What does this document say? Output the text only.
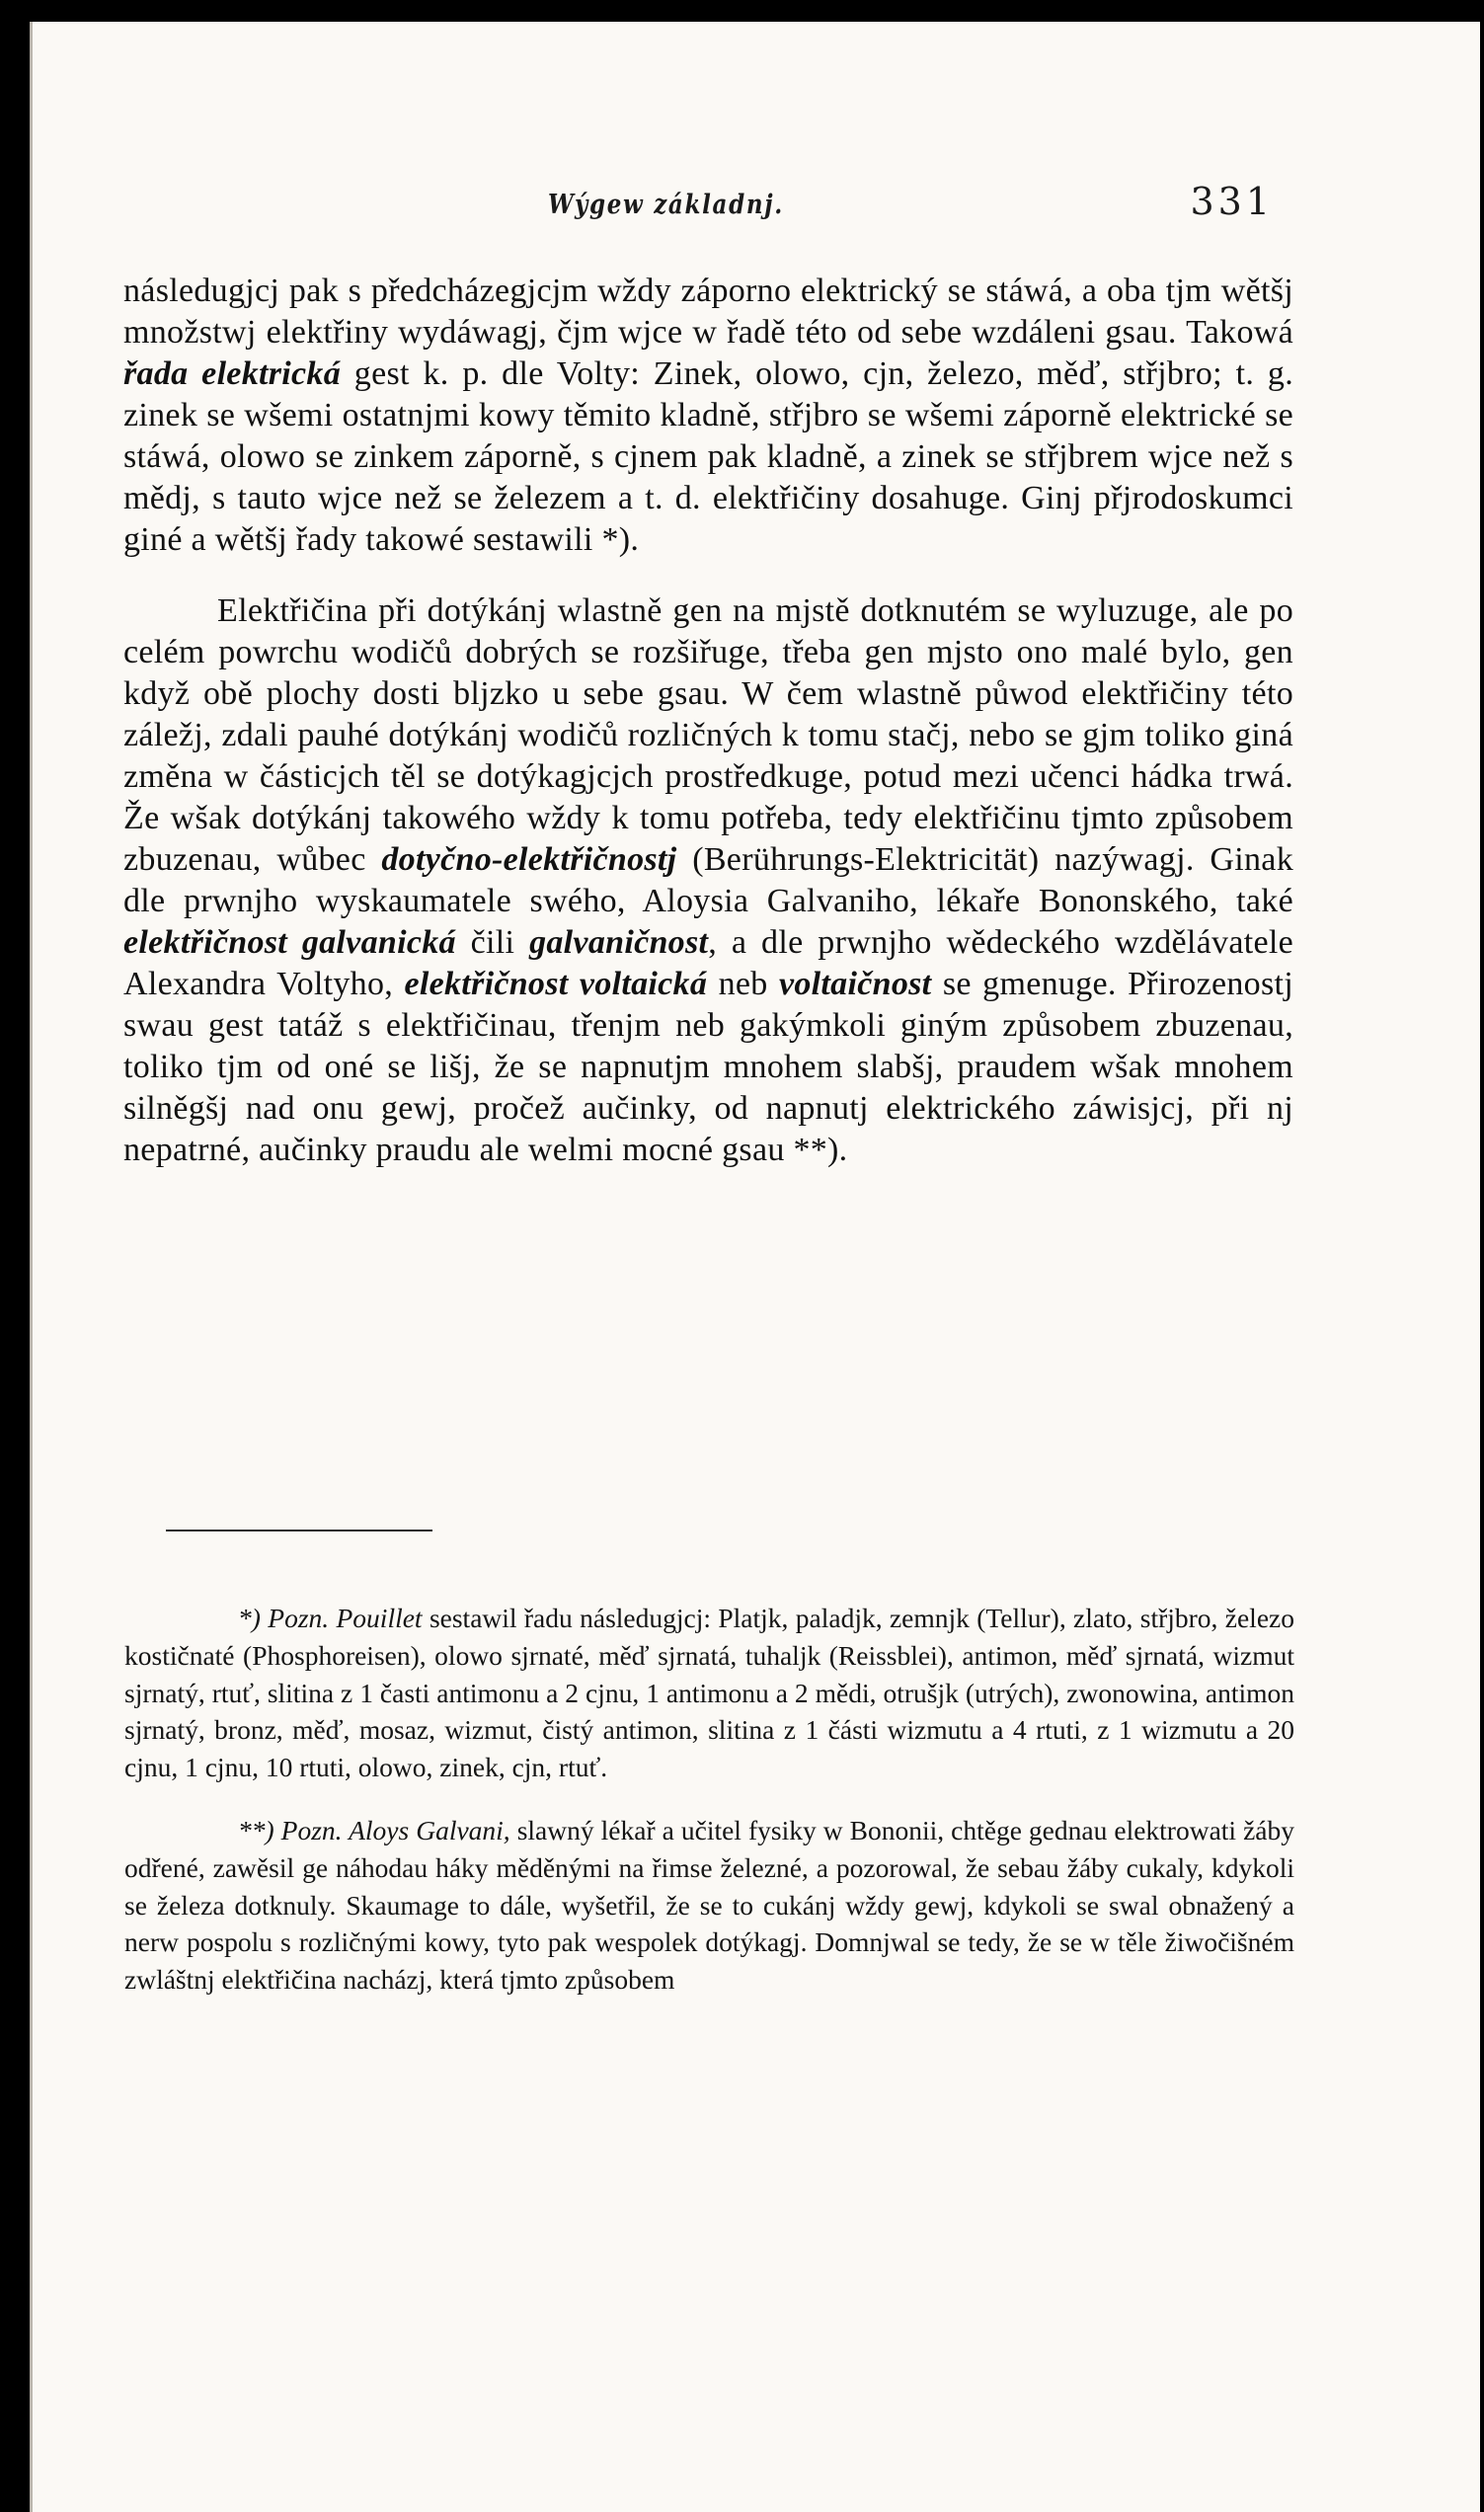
Wýgew základnj.	331

následugjcj pak s předcházegjcjm wždy záporno elektrický se stáwá, a oba tjm wětšj množstwj elektřiny wydáwagj, čjm wjce w řadě této od sebe wzdáleni gsau. Takowá řada elektrická gest k. p. dle Volty: Zinek, olowo, cjn, železo, měď, střjbro; t. g. zinek se wšemi ostatnjmi kowy těmito kladně, střjbro se wšemi záporně elektrické se stáwá, olowo se zinkem záporně, s cjnem pak kladně, a zinek se střjbrem wjce než s mědj, s tauto wjce než se železem a t. d. elektřičiny dosahuge. Ginj přjrodoskumci giné a wětšj řady takowé sestawili *).

Elektřičina při dotýkánj wlastně gen na mjstě dotknutém se wyluzuge, ale po celém powrchu wodičů dobrých se rozšiřuge, třeba gen mjsto ono malé bylo, gen když obě plochy dosti bljzko u sebe gsau. W čem wlastně půwod elektřičiny této záležj, zdali pauhé dotýkánj wodičů rozličných k tomu stačj, nebo se gjm toliko giná změna w částicjch těl se dotýkagjcjch prostředkuge, potud mezi učenci hádka trwá. Že wšak dotýkánj takowého wždy k tomu potřeba, tedy elektřičinu tjmto způsobem zbuzenau, wůbec dotyčno-elektřičnostj (Berührungs-Elektricität) nazýwagj. Ginak dle prwnjho wyskaumatele swého, Aloysia Galvaniho, lékaře Bononského, také elektřičnost galvanická čili galvaničnost, a dle prwnjho wědeckého wzdělávatele Alexandra Voltyho, elektřičnost voltaická neb voltaičnost se gmenuge. Přirozenostj swau gest tatáž s elektřičinau, třenjm neb gakýmkoli giným způsobem zbuzenau, toliko tjm od oné se lišj, že se napnutjm mnohem slabšj, praudem wšak mnohem silněgšj nad onu gewj, pročež aučinky, od napnutj elektrického záwisjcj, při nj nepatrné, aučinky praudu ale welmi mocné gsau **).

*) Pozn. Pouillet sestawil řadu následugjcj: Platjk, paladjk, zemnjk (Tellur), zlato, střjbro, železo kostičnaté (Phosphoreisen), olowo sjrnaté, měď sjrnatá, tuhaljk (Reissblei), antimon, měď sjrnatá, wizmut sjrnatý, rtuť, slitina z 1 časti antimonu a 2 cjnu, 1 antimonu a 2 mědi, otrušjk (utrých), zwonowina, antimon sjrnatý, bronz, měď, mosaz, wizmut, čistý antimon, slitina z 1 části wizmutu a 4 rtuti, z 1 wizmutu a 20 cjnu, 1 cjnu, 10 rtuti, olowo, zinek, cjn, rtuť.

**) Pozn. Aloys Galvani, slawný lékař a učitel fysiky w Bononii, chtěge gednau elektrowati žáby odřené, zawěsil ge náhodau háky měděnými na řimse železné, a pozorowal, že sebau žáby cukaly, kdykoli se železa dotknuly. Skaumage to dále, wyšetřil, že se to cukánj wždy gewj, kdykoli se swal obnažený a nerw pospolu s rozličnými kowy, tyto pak wespolek dotýkagj. Domnjwal se tedy, že se w těle žiwočišném zwláštnj elektřičina nacházj, která tjmto způsobem
